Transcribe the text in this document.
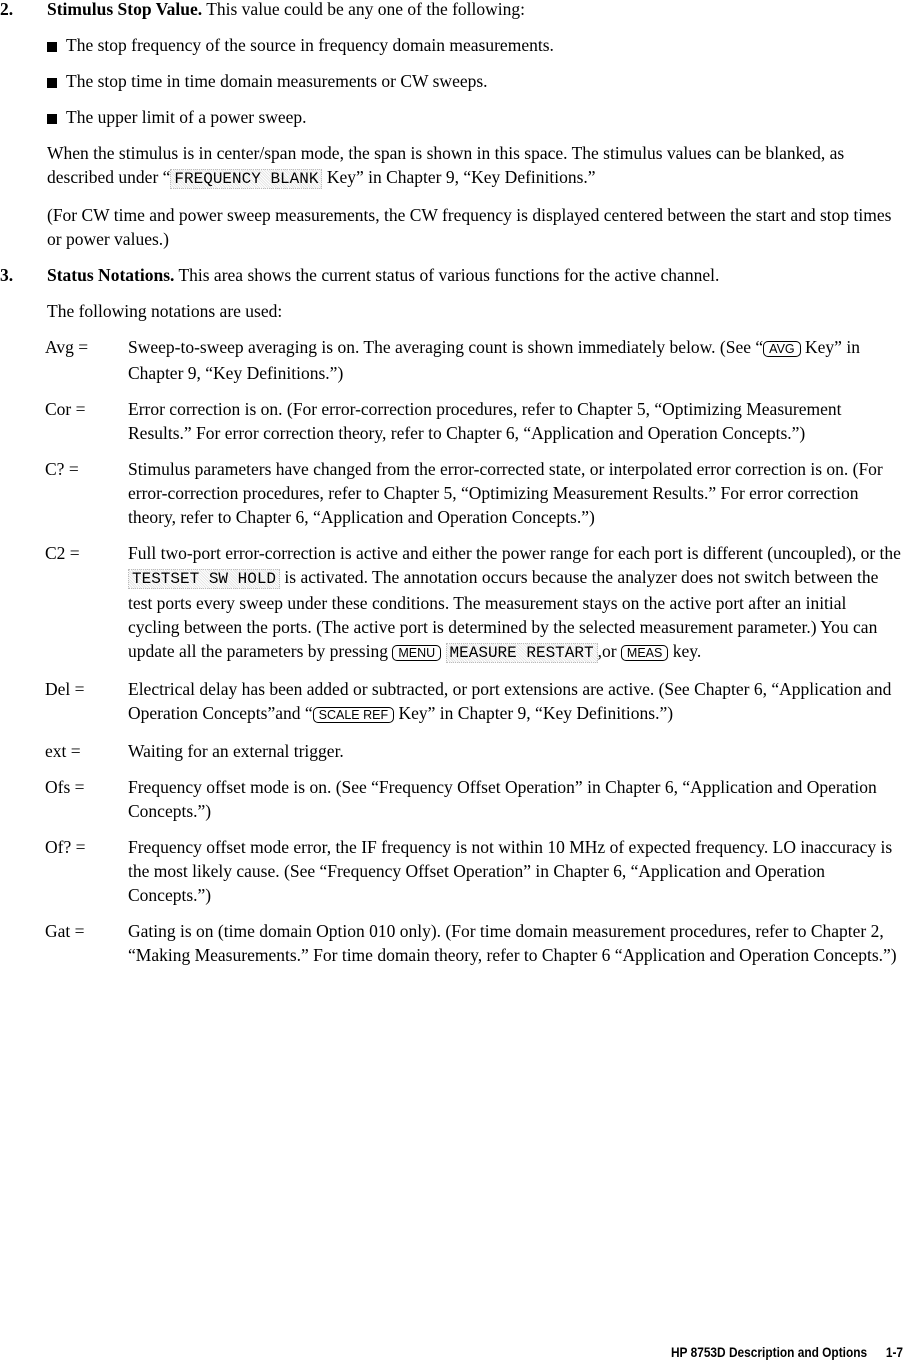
2. Stimulus Stop Value. This value could be any one of the following:
The stop frequency of the source in frequency domain measurements.
The stop time in time domain measurements or CW sweeps.
The upper limit of a power sweep.
When the stimulus is in center/span mode, the span is shown in this space. The stimulus values can be blanked, as described under “ FREQUENCY BLANK Key” in Chapter 9, “Key Definitions.”
(For CW time and power sweep measurements, the CW frequency is displayed centered between the start and stop times or power values.)
3. Status Notations. This area shows the current status of various functions for the active channel.
The following notations are used:
Avg =	Sweep-to-sweep averaging is on. The averaging count is shown immediately below. (See “ AVG Key” in Chapter 9, “Key Definitions.”)
Cor =	Error correction is on. (For error-correction procedures, refer to Chapter 5, “Optimizing Measurement Results.” For error correction theory, refer to Chapter 6, “Application and Operation Concepts.”)
C? =	Stimulus parameters have changed from the error-corrected state, or interpolated error correction is on. (For error-correction procedures, refer to Chapter 5, “Optimizing Measurement Results.” For error correction theory, refer to Chapter 6, “Application and Operation Concepts.”)
C2 =	Full two-port error-correction is active and either the power range for each port is different (uncoupled), or the TESTSET SW HOLD is activated. The annotation occurs because the analyzer does not switch between the test ports every sweep under these conditions. The measurement stays on the active port after an initial cycling between the ports. (The active port is determined by the selected measurement parameter.) You can update all the parameters by pressing MENU MEASURE RESTART ,or MEAS key.
Del =	Electrical delay has been added or subtracted, or port extensions are active. (See Chapter 6, “Application and Operation Concepts”and “ SCALE REF Key” in Chapter 9, “Key Definitions.”)
ext =	Waiting for an external trigger.
Ofs =	Frequency offset mode is on. (See “Frequency Offset Operation” in Chapter 6, “Application and Operation Concepts.”)
Of? =	Frequency offset mode error, the IF frequency is not within 10 MHz of expected frequency. LO inaccuracy is the most likely cause. (See “Frequency Offset Operation” in Chapter 6, “Application and Operation Concepts.”)
Gat =	Gating is on (time domain Option 010 only). (For time domain measurement procedures, refer to Chapter 2, “Making Measurements.” For time domain theory, refer to Chapter 6 “Application and Operation Concepts.”)
HP 8753D Description and Options 1-7
